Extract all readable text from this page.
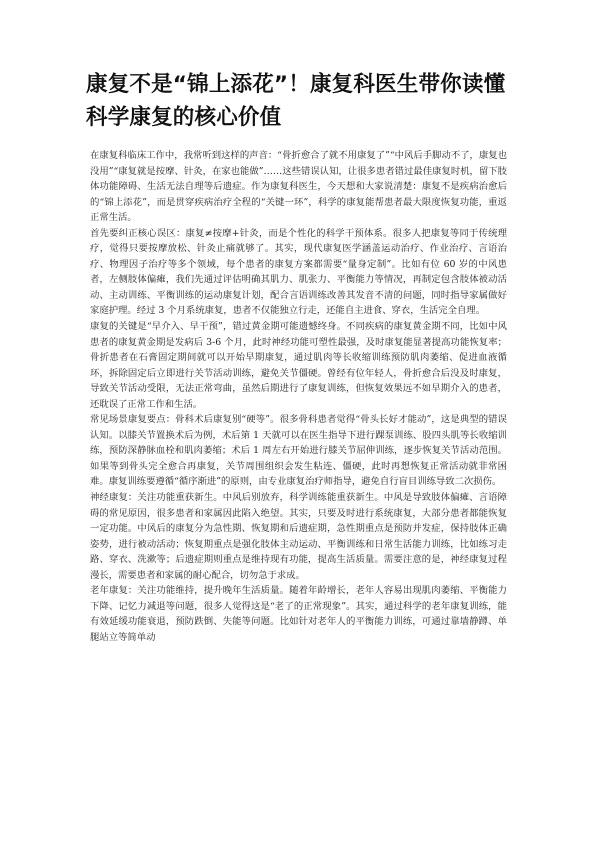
康复不是“锦上添花”！康复科医生带你读懂科学康复的核心价值

在康复科临床工作中，我常听到这样的声音：“骨折愈合了就不用康复了”“中风后手脚动不了，康复也没用”“康复就是按摩、针灸，在家也能做”……这些错误认知，让很多患者错过最佳康复时机，留下肢体功能障碍、生活无法自理等后遗症。作为康复科医生，今天想和大家说清楚：康复不是疾病治愈后的“锦上添花”，而是贯穿疾病治疗全程的“关键一环”，科学的康复能帮患者最大限度恢复功能，重返正常生活。

首先要纠正核心误区：康复≠按摩+针灸，而是个性化的科学干预体系。很多人把康复等同于传统理疗，觉得只要按摩放松、针灸止痛就够了。其实，现代康复医学涵盖运动治疗、作业治疗、言语治疗、物理因子治疗等多个领域，每个患者的康复方案都需要“量身定制”。比如有位 60 岁的中风患者，左侧肢体偏瘫，我们先通过评估明确其肌力、肌张力、平衡能力等情况，再制定包含肢体被动活动、主动训练、平衡训练的运动康复计划，配合言语训练改善其发音不清的问题，同时指导家属做好家庭护理。经过 3 个月系统康复，患者不仅能独立行走，还能自主进食、穿衣，生活完全自理。

康复的关键是“早介入、早干预”，错过黄金期可能遗憾终身。不同疾病的康复黄金期不同，比如中风患者的康复黄金期是发病后 3-6 个月，此时神经功能可塑性最强，及时康复能显著提高功能恢复率；骨折患者在石膏固定期间就可以开始早期康复，通过肌肉等长收缩训练预防肌肉萎缩、促进血液循环，拆除固定后立即进行关节活动训练，避免关节僵硬。曾经有位年轻人，骨折愈合后没及时康复，导致关节活动受限，无法正常弯曲，虽然后期进行了康复训练，但恢复效果远不如早期介入的患者，还耽误了正常工作和生活。

常见场景康复要点：骨科术后康复别“硬等”。很多骨科患者觉得“骨头长好才能动”，这是典型的错误认知。以膝关节置换术后为例，术后第 1 天就可以在医生指导下进行踝泵训练、股四头肌等长收缩训练，预防深静脉血栓和肌肉萎缩；术后 1 周左右开始进行膝关节屈伸训练，逐步恢复关节活动范围。如果等到骨头完全愈合再康复，关节周围组织会发生粘连、僵硬，此时再想恢复正常活动就非常困难。康复训练要遵循“循序渐进”的原则，由专业康复治疗师指导，避免自行盲目训练导致二次损伤。

神经康复：关注功能重获新生。中风后别放弃，科学训练能重获新生。中风是导致肢体偏瘫、言语障碍的常见原因，很多患者和家属因此陷入绝望。其实，只要及时进行系统康复，大部分患者都能恢复一定功能。中风后的康复分为急性期、恢复期和后遗症期，急性期重点是预防并发症，保持肢体正确姿势，进行被动活动；恢复期重点是强化肢体主动运动、平衡训练和日常生活能力训练，比如练习走路、穿衣、洗漱等；后遗症期则重点是维持现有功能，提高生活质量。需要注意的是，神经康复过程漫长，需要患者和家属的耐心配合，切勿急于求成。

老年康复：关注功能维持，提升晚年生活质量。随着年龄增长，老年人容易出现肌肉萎缩、平衡能力下降、记忆力减退等问题，很多人觉得这是“老了的正常现象”。其实，通过科学的老年康复训练，能有效延缓功能衰退，预防跌倒、失能等问题。比如针对老年人的平衡能力训练，可通过靠墙静蹲、单腿站立等简单动
